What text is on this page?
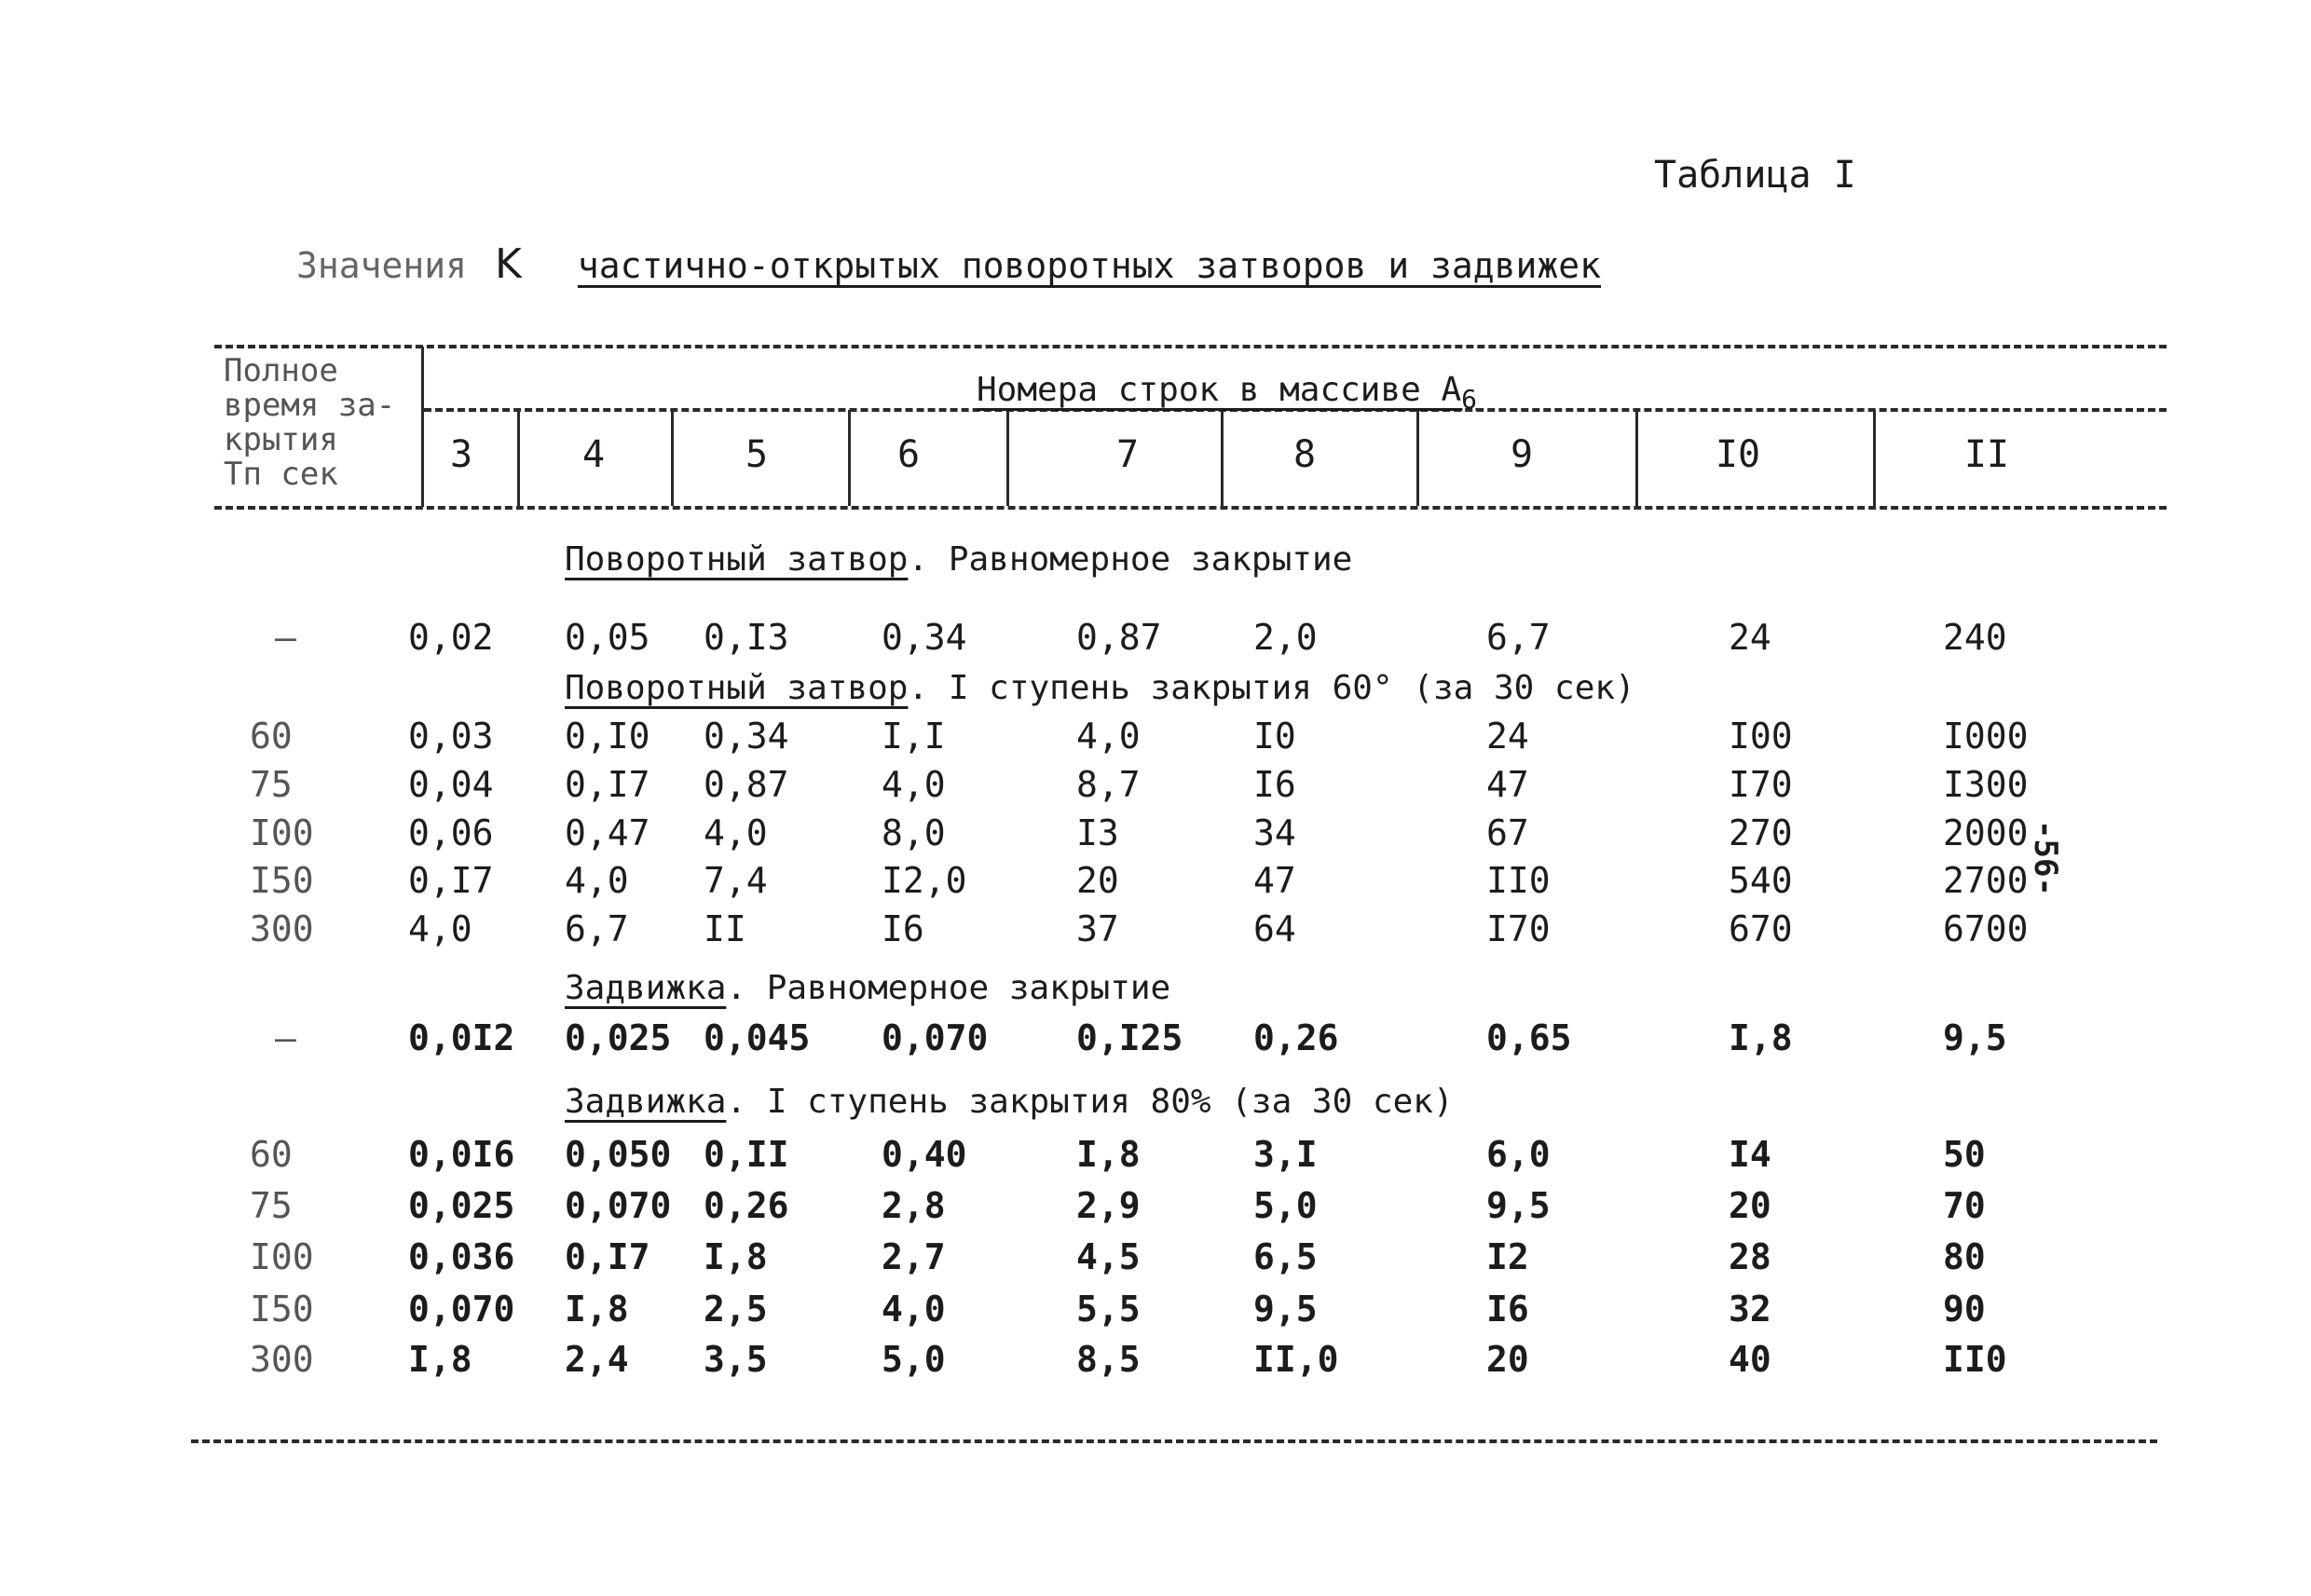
Таблица I
Значения K частично-открытых поворотных затворов и задвижек
Полное
время за-
крытия
Tп сек
Номера строк в массиве $A_6$
3	4	5	6	7	8	9	I0	II
Поворотный затвор. Равномерное закрытие
–	0,02 0,05 0,I3	0,34	0,87	2,0	6,7	24	240
Поворотный затвор. I ступень закрытия 60° (за 30 сек)
60	0,03 0,I0 0,34	I,I	4,0	I0	24	I00	I000
75	0,04 0,I7 0,87	4,0	8,7	I6	47	I70	I300
I00	0,06 0,47 4,0	8,0	I3	34	67	270	2000
I50	0,I7 4,0 7,4	I2,0	20	47	II0	540	2700
300	4,0	6,7 II	I6	37	64	I70	670	6700
Задвижка. Равномерное закрытие
–	0,0I2 0,025 0,045 0,070 0,I25 0,26	0,65	I,8	9,5
Задвижка. I ступень закрытия 80% (за 30 сек)
60	0,0I6 0,050 0,II	0,40	I,8	3,I	6,0	I4	50
75	0,025 0,070 0,26	2,8	2,9	5,0	9,5	20	70
I00	0,036 0,I7 I,8	2,7	4,5	6,5	I2	28	80
I50	0,070 I,8 2,5	4,0	5,5	9,5	I6	32	90
300	I,8	2,4 3,5	5,0	8,5	II,0	20	40	II0
-56-
